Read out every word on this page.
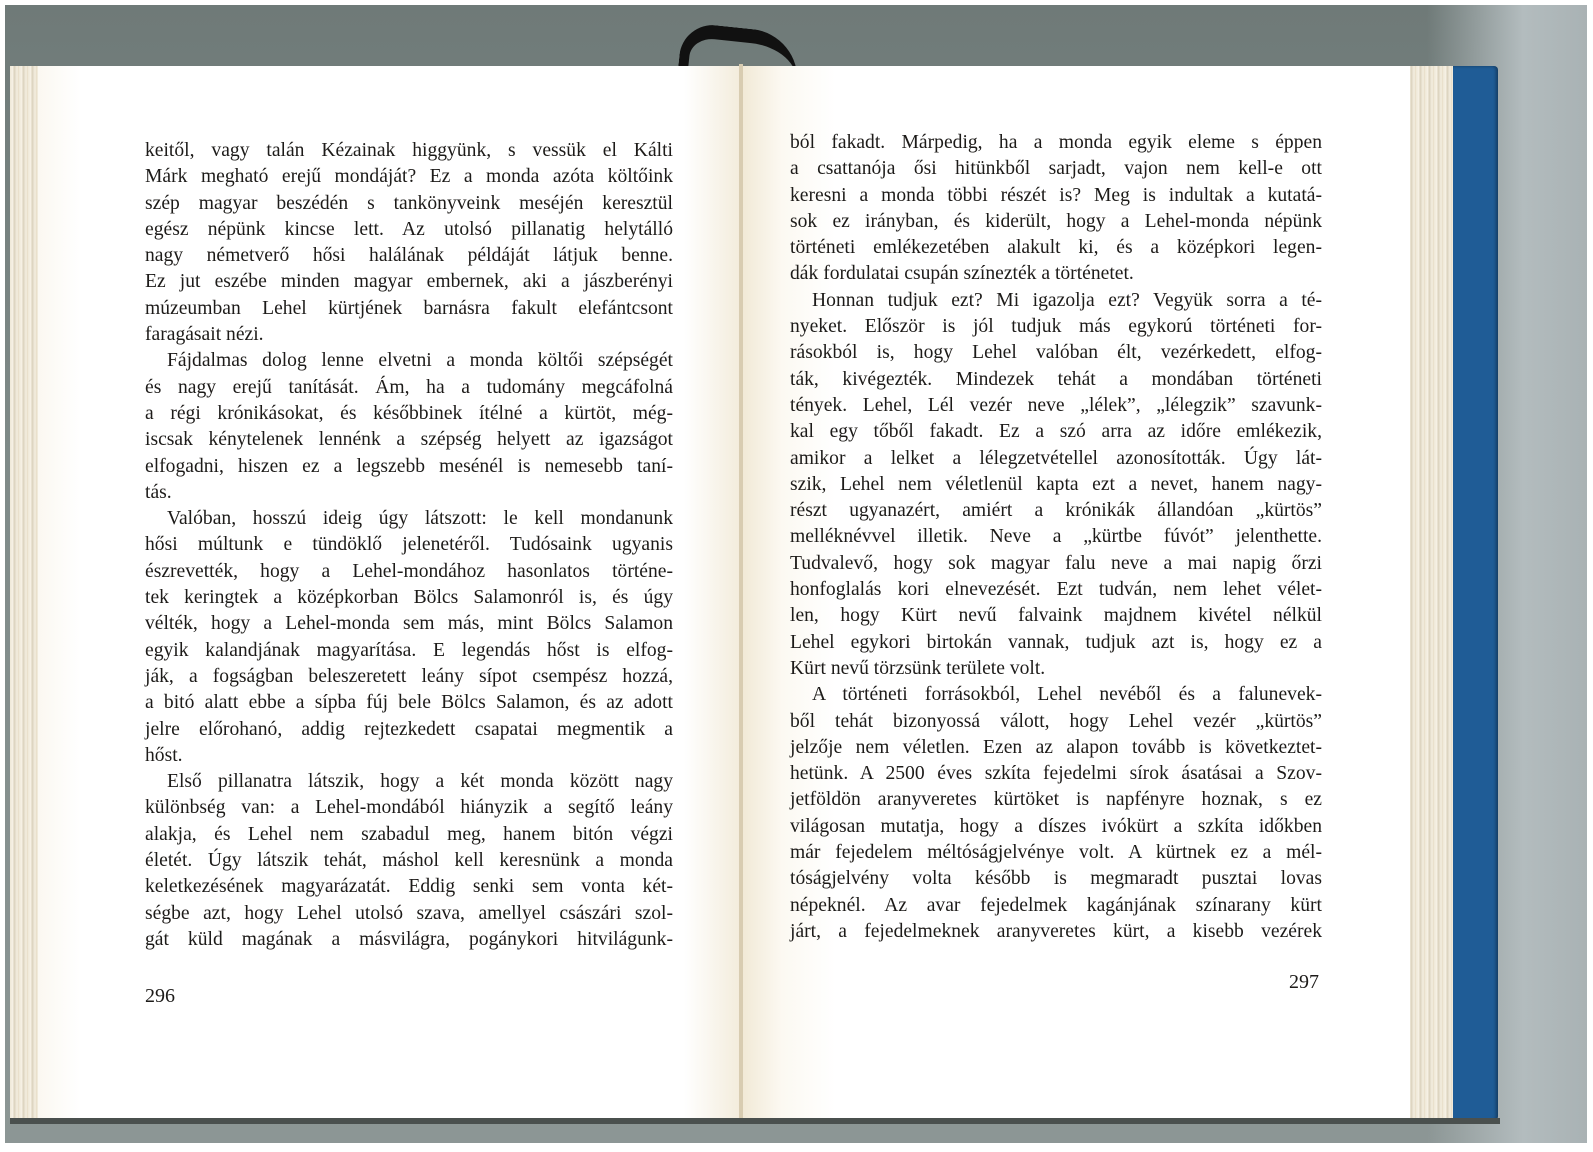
keitől, vagy talán Kézainak higgyünk, s vessük el Kálti
Márk megható erejű mondáját? Ez a monda azóta költőink
szép magyar beszédén s tankönyveink meséjén keresztül
egész népünk kincse lett. Az utolsó pillanatig helytálló
nagy németverő hősi halálának példáját látjuk benne.
Ez jut eszébe minden magyar embernek, aki a jászberényi
múzeumban Lehel kürtjének barnásra fakult elefántcsont
faragásait nézi.
Fájdalmas dolog lenne elvetni a monda költői szépségét
és nagy erejű tanítását. Ám, ha a tudomány megcáfolná
a régi krónikásokat, és későbbinek ítélné a kürtöt, még-
iscsak kénytelenek lennénk a szépség helyett az igazságot
elfogadni, hiszen ez a legszebb mesénél is nemesebb taní-
tás.
Valóban, hosszú ideig úgy látszott: le kell mondanunk
hősi múltunk e tündöklő jelenetéről. Tudósaink ugyanis
észrevették, hogy a Lehel-mondához hasonlatos történe-
tek keringtek a középkorban Bölcs Salamonról is, és úgy
vélték, hogy a Lehel-monda sem más, mint Bölcs Salamon
egyik kalandjának magyarítása. E legendás hőst is elfog-
ják, a fogságban beleszeretett leány sípot csempész hozzá,
a bitó alatt ebbe a sípba fúj bele Bölcs Salamon, és az adott
jelre előrohanó, addig rejtezkedett csapatai megmentik a
hőst.
Első pillanatra látszik, hogy a két monda között nagy
különbség van: a Lehel-mondából hiányzik a segítő leány
alakja, és Lehel nem szabadul meg, hanem bitón végzi
életét. Úgy látszik tehát, máshol kell keresnünk a monda
keletkezésének magyarázatát. Eddig senki sem vonta két-
ségbe azt, hogy Lehel utolsó szava, amellyel császári szol-
gát küld magának a másvilágra, pogánykori hitvilágunk-
ból fakadt. Márpedig, ha a monda egyik eleme s éppen
a csattanója ősi hitünkből sarjadt, vajon nem kell-e ott
keresni a monda többi részét is? Meg is indultak a kutatá-
sok ez irányban, és kiderült, hogy a Lehel-monda népünk
történeti emlékezetében alakult ki, és a középkori legen-
dák fordulatai csupán színezték a történetet.
Honnan tudjuk ezt? Mi igazolja ezt? Vegyük sorra a té-
nyeket. Először is jól tudjuk más egykorú történeti for-
rásokból is, hogy Lehel valóban élt, vezérkedett, elfog-
ták, kivégezték. Mindezek tehát a mondában történeti
tények. Lehel, Lél vezér neve „lélek”, „lélegzik” szavunk-
kal egy tőből fakadt. Ez a szó arra az időre emlékezik,
amikor a lelket a lélegzetvétellel azonosították. Úgy lát-
szik, Lehel nem véletlenül kapta ezt a nevet, hanem nagy-
részt ugyanazért, amiért a krónikák állandóan „kürtös”
melléknévvel illetik. Neve a „kürtbe fúvót” jelenthette.
Tudvalevő, hogy sok magyar falu neve a mai napig őrzi
honfoglalás kori elnevezését. Ezt tudván, nem lehet vélet-
len, hogy Kürt nevű falvaink majdnem kivétel nélkül
Lehel egykori birtokán vannak, tudjuk azt is, hogy ez a
Kürt nevű törzsünk területe volt.
A történeti forrásokból, Lehel nevéből és a falunevek-
ből tehát bizonyossá válott, hogy Lehel vezér „kürtös”
jelzője nem véletlen. Ezen az alapon tovább is következtet-
hetünk. A 2500 éves szkíta fejedelmi sírok ásatásai a Szov-
jetföldön aranyveretes kürtöket is napfényre hoznak, s ez
világosan mutatja, hogy a díszes ivókürt a szkíta időkben
már fejedelem méltóságjelvénye volt. A kürtnek ez a mél-
tóságjelvény volta később is megmaradt pusztai lovas
népeknél. Az avar fejedelmek kagánjának színarany kürt
járt, a fejedelmeknek aranyveretes kürt, a kisebb vezérek
296
297
